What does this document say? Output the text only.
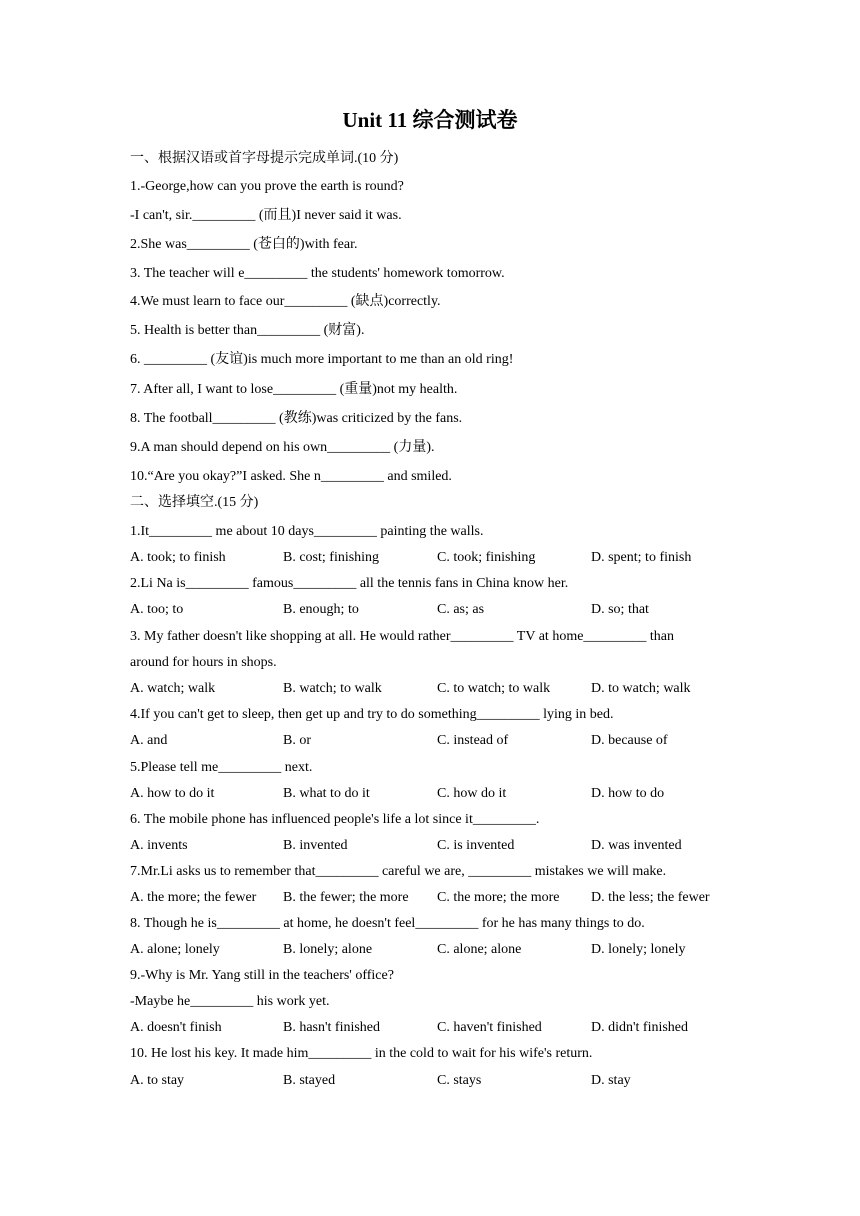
Unit 11 综合测试卷
一、根据汉语或首字母提示完成单词.(10 分)
1.-George,how can you prove the earth is round?
-I can't, sir._________ (而且)I never said it was.
2.She was_________ (苍白的)with fear.
3. The teacher will e_________ the students' homework tomorrow.
4.We must learn to face our_________ (缺点)correctly.
5. Health is better than_________ (财富).
6. _________ (友谊)is much more important to me than an old ring!
7. After all, I want to lose_________ (重量)not my health.
8. The football_________ (教练)was criticized by the fans.
9.A man should depend on his own_________ (力量).
10.“Are you okay?”I asked. She n_________ and smiled.
二、选择填空.(15 分)
1.It_________ me about 10 days_________ painting the walls.
A. took; to finish	B. cost; finishing	C. took; finishing	D. spent; to finish
2.Li Na is_________ famous_________ all the tennis fans in China know her.
A. too; to	B. enough; to	C. as; as	D. so; that
3. My father doesn't like shopping at all. He would rather_________ TV at home_________ than
around for hours in shops.
A. watch; walk	B. watch; to walk	C. to watch; to walk	D. to watch; walk
4.If you can't get to sleep, then get up and try to do something_________ lying in bed.
A. and	B. or	C. instead of	D. because of
5.Please tell me_________ next.
A. how to do it	B. what to do it	C. how do it	D. how to do
6. The mobile phone has influenced people's life a lot since it_________.
A. invents	B. invented	C. is invented	D. was invented
7.Mr.Li asks us to remember that_________ careful we are, _________ mistakes we will make.
A. the more; the fewer B. the fewer; the more C. the more; the more D. the less; the fewer
8. Though he is_________ at home, he doesn't feel_________ for he has many things to do.
A. alone; lonely	B. lonely; alone	C. alone; alone	D. lonely; lonely
9.-Why is Mr. Yang still in the teachers' office?
-Maybe he_________ his work yet.
A. doesn't finish	B. hasn't finished	C. haven't finished	D. didn't finished
10. He lost his key. It made him_________ in the cold to wait for his wife's return.
A. to stay	B. stayed	C. stays	D. stay
